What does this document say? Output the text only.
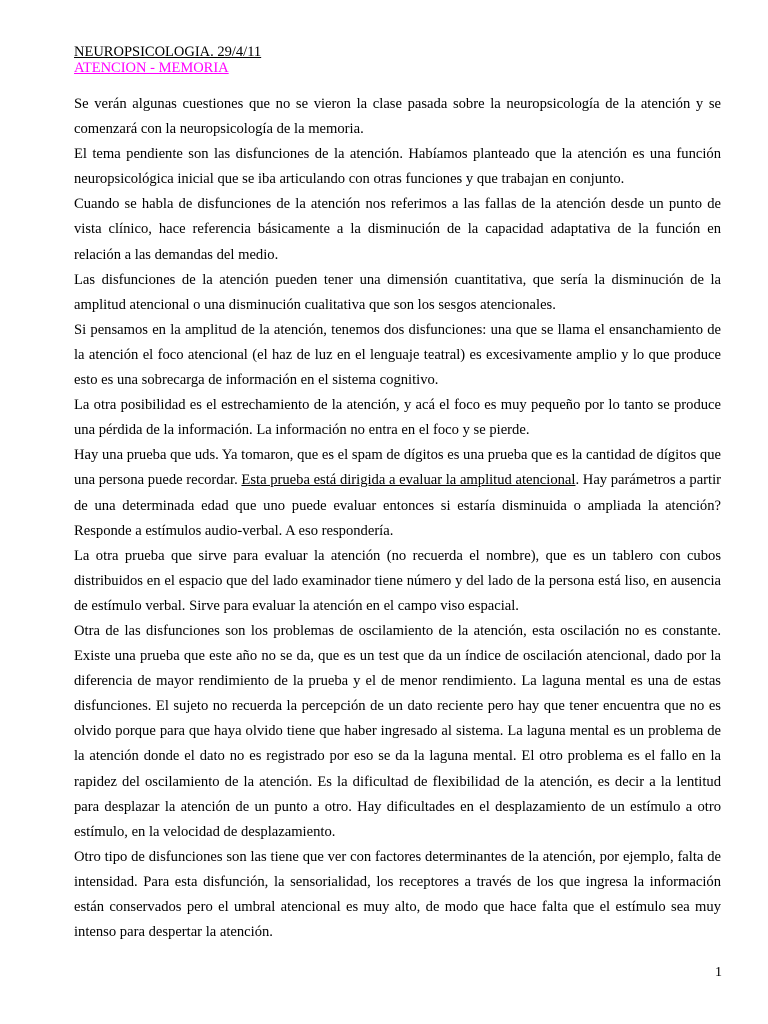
NEUROPSICOLOGIA. 29/4/11
ATENCION - MEMORIA

Se verán algunas cuestiones que no se vieron la clase pasada sobre la neuropsicología de la atención y se comenzará con la neuropsicología de la memoria.

El tema pendiente son las disfunciones de la atención. Habíamos planteado que la atención es una función neuropsicológica inicial que se iba articulando con otras funciones y que trabajan en conjunto.

Cuando se habla de disfunciones de la atención nos referimos a las fallas de la atención desde un punto de vista clínico, hace referencia básicamente a la disminución de la capacidad adaptativa de la función en relación a las demandas del medio.

Las disfunciones de la atención pueden tener una dimensión cuantitativa, que sería la disminución de la amplitud atencional o una disminución cualitativa que son los sesgos atencionales.

Si pensamos en la amplitud de la atención, tenemos dos disfunciones: una que se llama el ensanchamiento de la atención el foco atencional (el haz de luz en el lenguaje teatral) es excesivamente amplio y lo que produce esto es una sobrecarga de información en el sistema cognitivo.

La otra posibilidad es el estrechamiento de la atención, y acá el foco es muy pequeño por lo tanto se produce una pérdida de la información. La información no entra en el foco y se pierde.

Hay una prueba que uds. Ya tomaron, que es el spam de dígitos es una prueba que es la cantidad de dígitos que una persona puede recordar. Esta prueba está dirigida a evaluar la amplitud atencional. Hay parámetros a partir de una determinada edad que uno puede evaluar entonces si estaría disminuida o ampliada la atención? Responde a estímulos audio-verbal. A eso respondería.

La otra prueba que sirve para evaluar la atención (no recuerda el nombre), que es un tablero con cubos distribuidos en el espacio que del lado examinador tiene número y del lado de la persona está liso, en ausencia de estímulo verbal. Sirve para evaluar la atención en el campo viso espacial.

Otra de las disfunciones son los problemas de oscilamiento de la atención, esta oscilación no es constante. Existe una prueba que este año no se da, que es un test que da un índice de oscilación atencional, dado por la diferencia de mayor rendimiento de la prueba y el de menor rendimiento. La laguna mental es una de estas disfunciones. El sujeto no recuerda la percepción de un dato reciente pero hay que tener encuentra que no es olvido porque para que haya olvido tiene que haber ingresado al sistema. La laguna mental es un problema de la atención donde el dato no es registrado por eso se da la laguna mental. El otro problema es el fallo en la rapidez del oscilamiento de la atención. Es la dificultad de flexibilidad de la atención, es decir a la lentitud para desplazar la atención de un punto a otro. Hay dificultades en el desplazamiento de un estímulo a otro estímulo, en la velocidad de desplazamiento.

Otro tipo de disfunciones son las tiene que ver con factores determinantes de la atención, por ejemplo, falta de intensidad. Para esta disfunción, la sensorialidad, los receptores a través de los que ingresa la información están conservados pero el umbral atencional es muy alto, de modo que hace falta que el estímulo sea muy intenso para despertar la atención.

1
